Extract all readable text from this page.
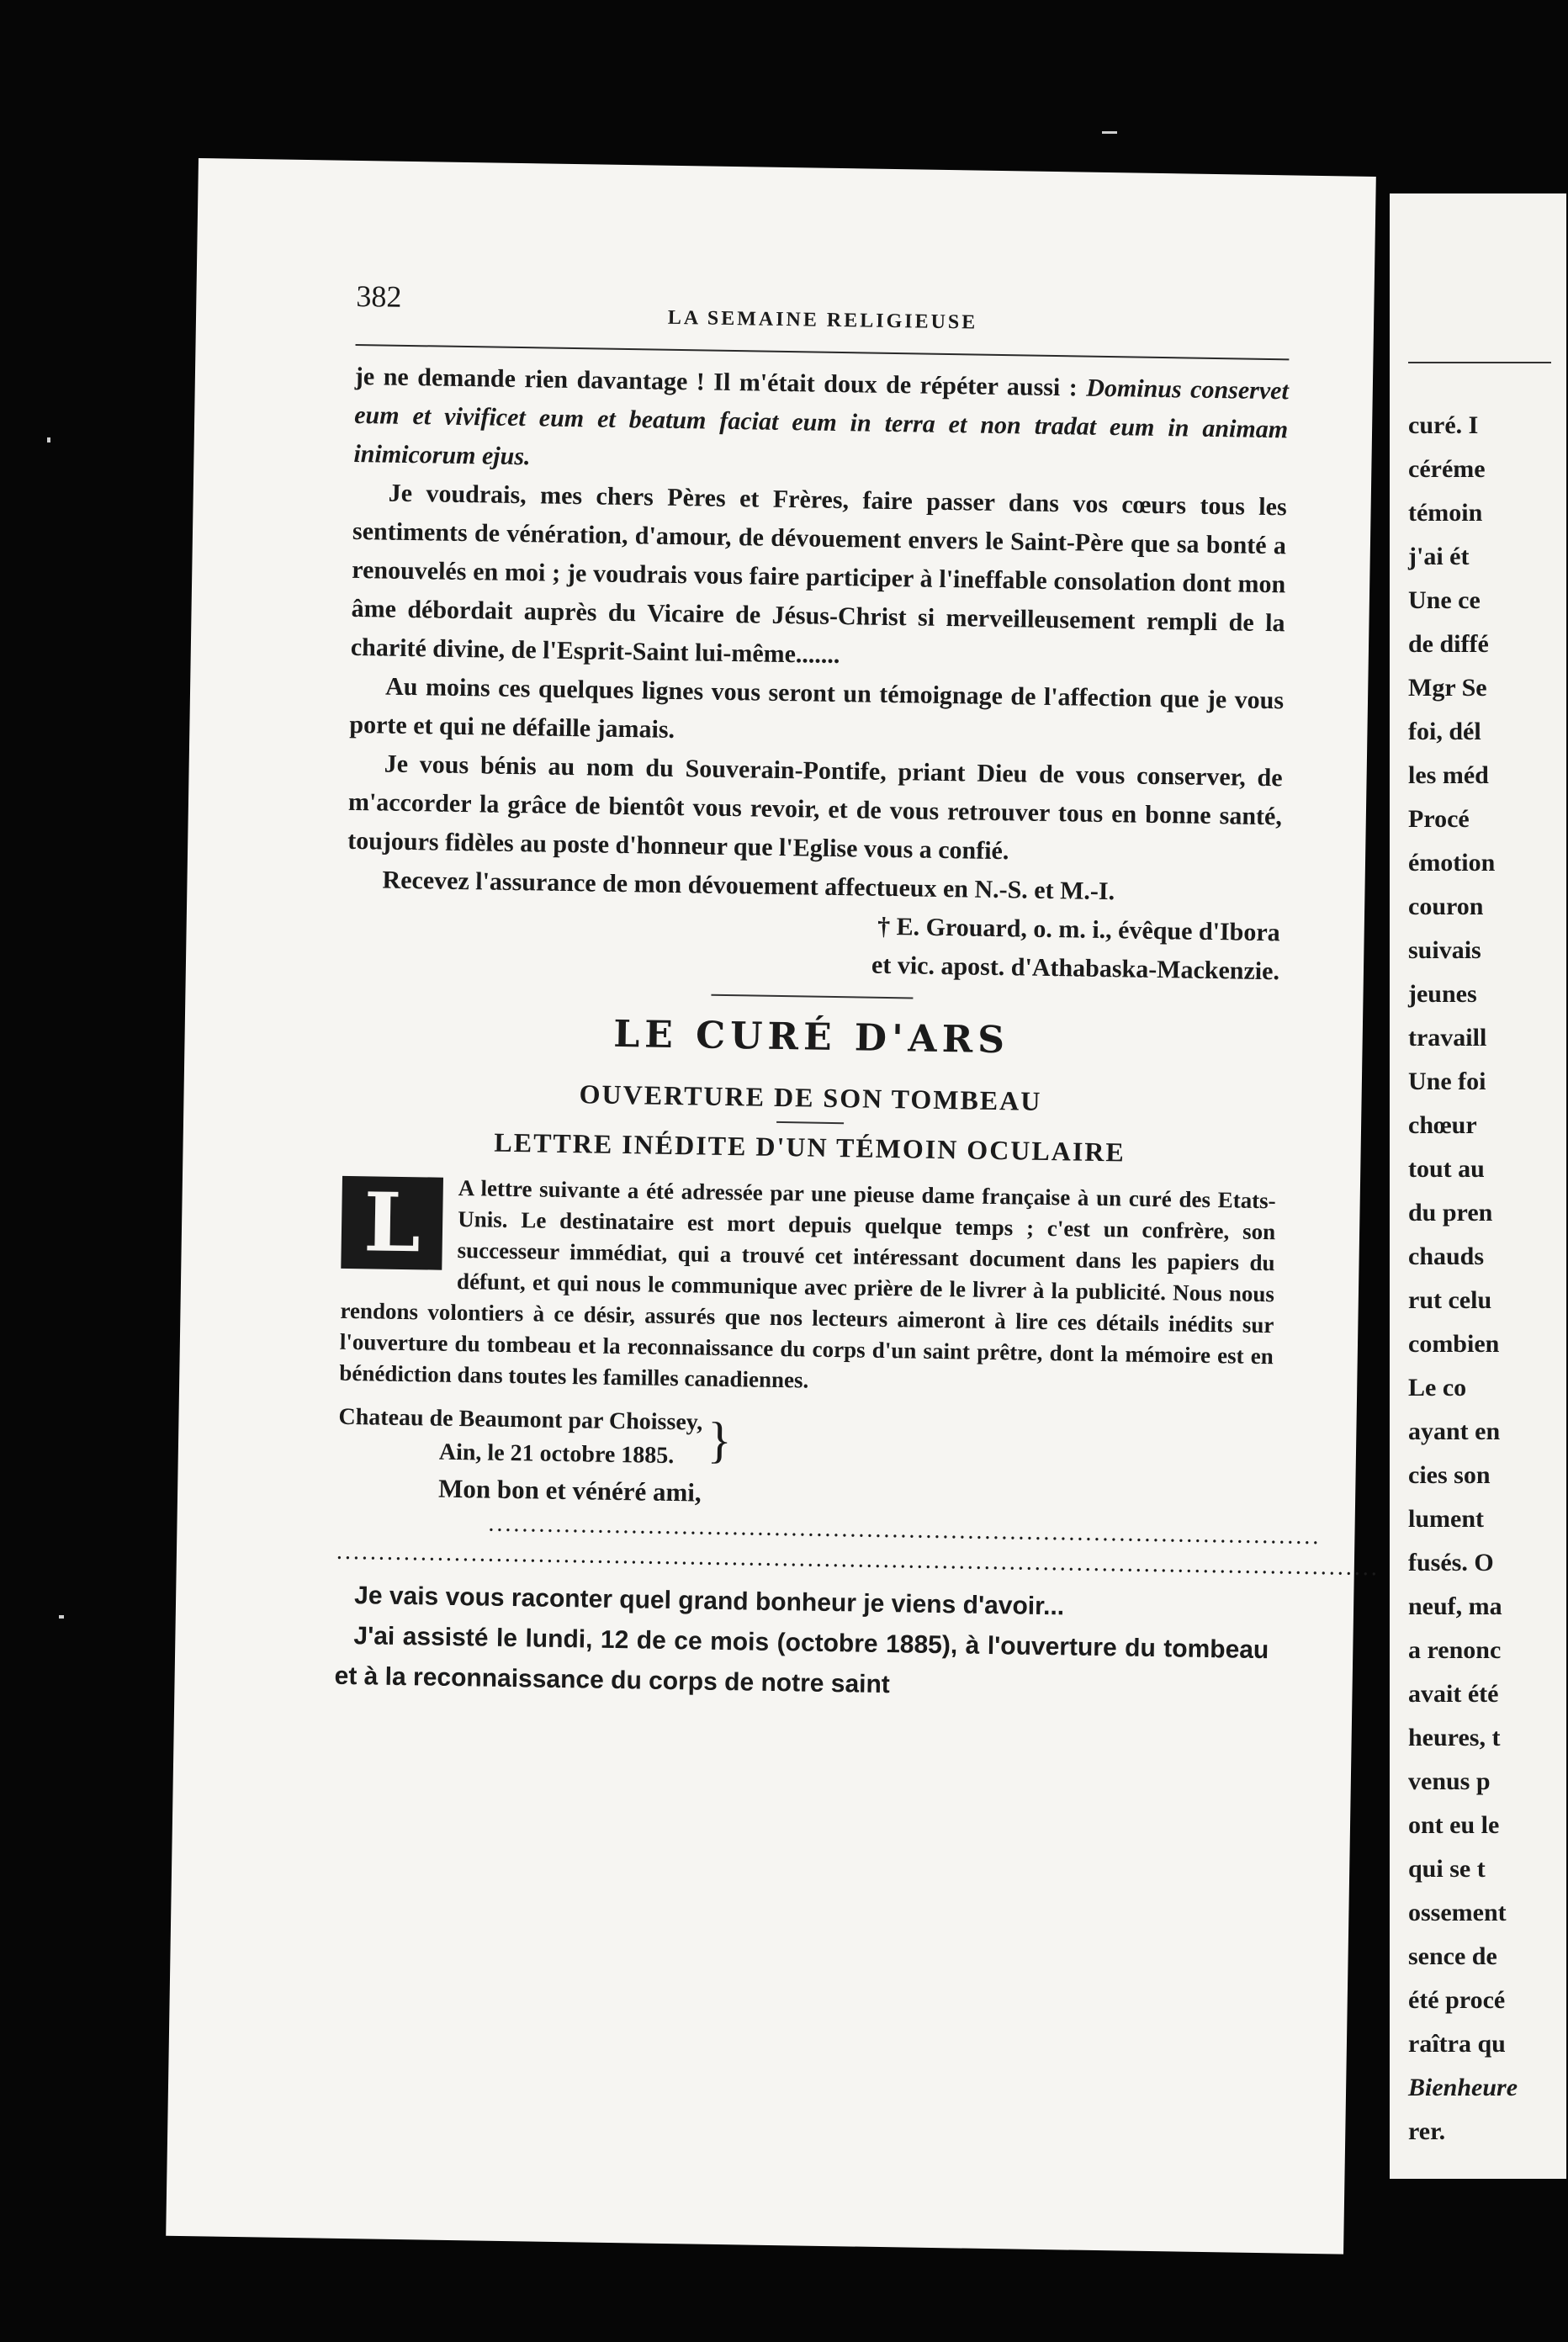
382
LA SEMAINE RELIGIEUSE

je ne demande rien davantage ! Il m'était doux de répéter aussi : Dominus conservet eum et vivificet eum et beatum faciat eum in terra et non tradat eum in animam inimicorum ejus.

Je voudrais, mes chers Pères et Frères, faire passer dans vos cœurs tous les sentiments de vénération, d'amour, de dévouement envers le Saint-Père que sa bonté a renouvelés en moi ; je voudrais vous faire participer à l'ineffable consolation dont mon âme débordait auprès du Vicaire de Jésus-Christ si merveilleusement rempli de la charité divine, de l'Esprit-Saint lui-même.......

Au moins ces quelques lignes vous seront un témoignage de l'affection que je vous porte et qui ne défaille jamais.

Je vous bénis au nom du Souverain-Pontife, priant Dieu de vous conserver, de m'accorder la grâce de bientôt vous revoir, et de vous retrouver tous en bonne santé, toujours fidèles au poste d'honneur que l'Eglise vous a confié.

Recevez l'assurance de mon dévouement affectueux en N.-S. et M.-I.

† E. Grouard, o. m. i., évêque d'Ibora
et vic. apost. d'Athabaska-Mackenzie.
LE CURÉ D'ARS
OUVERTURE DE SON TOMBEAU
LETTRE INÉDITE D'UN TÉMOIN OCULAIRE
L	A lettre suivante a été adressée par une pieuse dame française à un curé des Etats-Unis. Le destinataire est mort depuis quelque temps ; c'est un confrère, son successeur immédiat, qui a trouvé cet intéressant document dans les papiers du défunt, et qui nous le communique avec prière de le livrer à la publicité. Nous nous rendons volontiers à ce désir, assurés que nos lecteurs aimeront à lire ces détails inédits sur l'ouverture du tombeau et la reconnaissance du corps d'un saint prêtre, dont la mémoire est en bénédiction dans toutes les familles canadiennes.

Chateau de Beaumont par Choissey,
Ain, le 21 octobre 1885. }
Mon bon et vénéré ami,
...................................................................................................
............................................................................................................................

Je vais vous raconter quel grand bonheur je viens d'avoir...

J'ai assisté le lundi, 12 de ce mois (octobre 1885), à l'ouverture du tombeau et à la reconnaissance du corps de notre saint

curé. I
céréme
témoin
j'ai ét
Une ce
de diffé
Mgr Se
foi, dél
les méd
Procé
émotion
couron
suivais
jeunes
travaill
Une foi
chœur
tout au
du pren
chauds
rut celu
combien
Le co
ayant en
cies son
lument
fusés. O
neuf, ma
a renonc
avait été
heures, t
venus p
ont eu le
qui se t
ossement
sence de
été procé
raîtra qu
Bienheure
rer.
